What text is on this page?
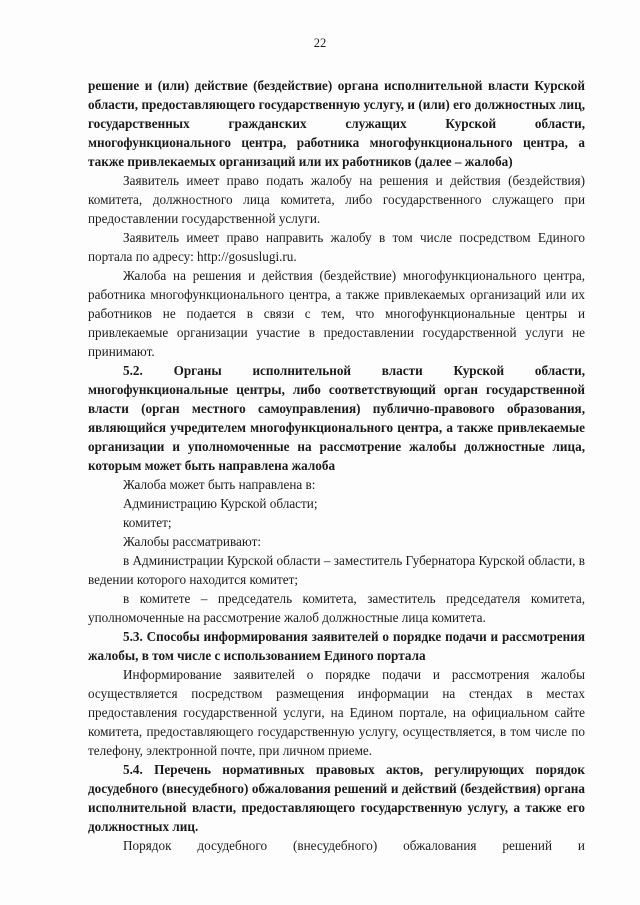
22

решение и (или) действие (бездействие) органа исполнительной власти Курской области, предоставляющего государственную услугу, и (или) его должностных лиц, государственных гражданских служащих Курской области, многофункционального центра, работника многофункционального центра, а также привлекаемых организаций или их работников (далее – жалоба)

Заявитель имеет право подать жалобу на решения и действия (бездействия) комитета, должностного лица комитета, либо государственного служащего при предоставлении государственной услуги.

Заявитель имеет право направить жалобу в том числе посредством Единого портала по адресу: http://gosuslugi.ru.

Жалоба на решения и действия (бездействие) многофункционального центра, работника многофункционального центра, а также привлекаемых организаций или их работников не подается в связи с тем, что многофункциональные центры и привлекаемые организации участие в предоставлении государственной услуги не принимают.

5.2. Органы исполнительной власти Курской области, многофункциональные центры, либо соответствующий орган государственной власти (орган местного самоуправления) публично-правового образования, являющийся учредителем многофункционального центра, а также привлекаемые организации и уполномоченные на рассмотрение жалобы должностные лица, которым может быть направлена жалоба

Жалоба может быть направлена в:

Администрацию Курской области;

комитет;

Жалобы рассматривают:

в Администрации Курской области – заместитель Губернатора Курской области, в ведении которого находится комитет;

в комитете – председатель комитета, заместитель председателя комитета, уполномоченные на рассмотрение жалоб должностные лица комитета.

5.3. Способы информирования заявителей о порядке подачи и рассмотрения жалобы, в том числе с использованием Единого портала

Информирование заявителей о порядке подачи и рассмотрения жалобы осуществляется посредством размещения информации на стендах в местах предоставления государственной услуги, на Едином портале, на официальном сайте комитета, предоставляющего государственную услугу, осуществляется, в том числе по телефону, электронной почте, при личном приеме.

5.4. Перечень нормативных правовых актов, регулирующих порядок досудебного (внесудебного) обжалования решений и действий (бездействия) органа исполнительной власти, предоставляющего государственную услугу, а также его должностных лиц.

Порядок досудебного (внесудебного) обжалования решений и
